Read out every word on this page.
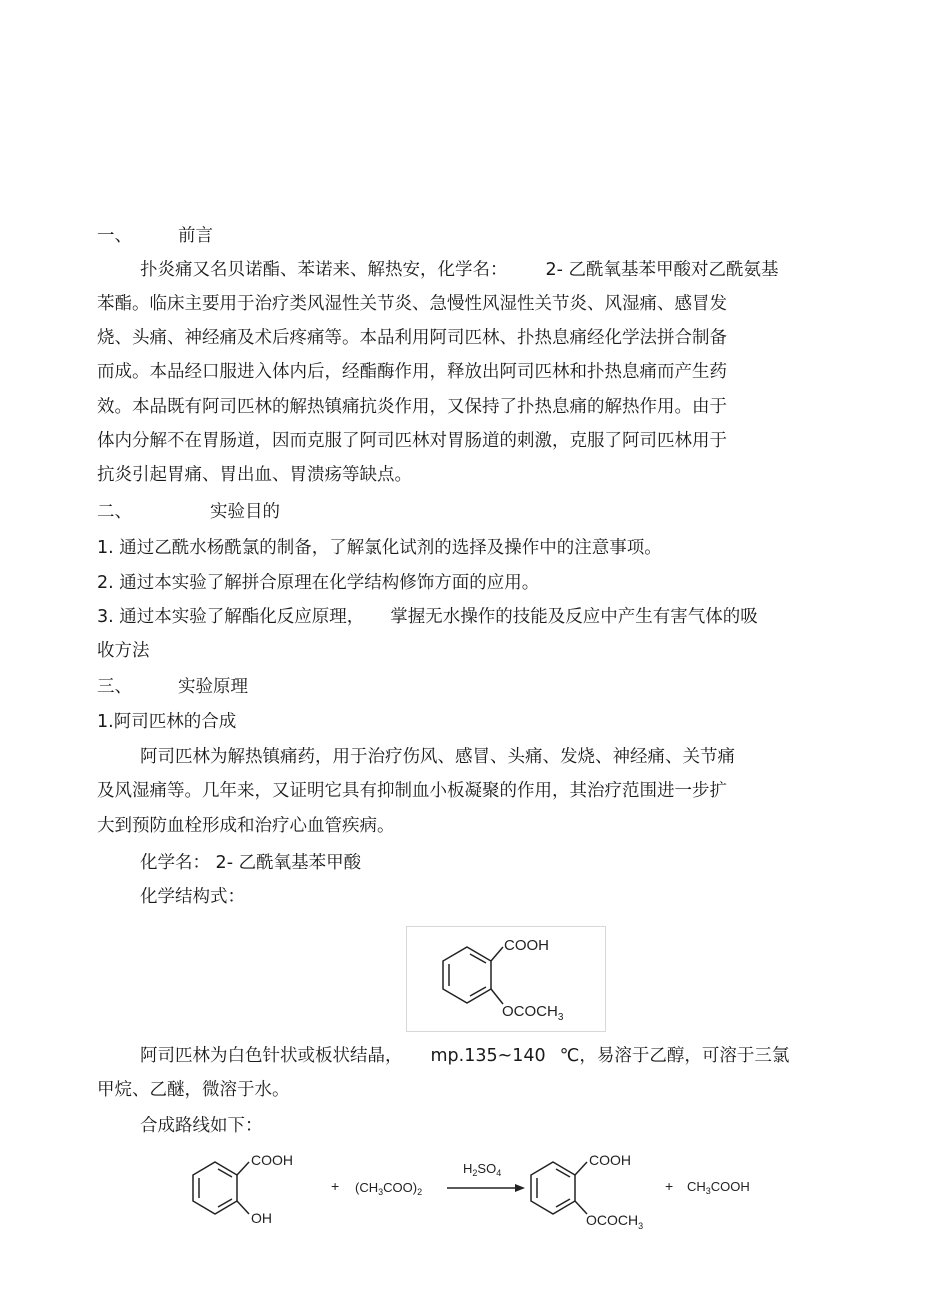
一、	前言
扑炎痛又名贝诺酯、苯诺来、解热安，化学名： 2- 乙酰氧基苯甲酸对乙酰氨基
苯酯。临床主要用于治疗类风湿性关节炎、急慢性风湿性关节炎、风湿痛、感冒发
烧、头痛、神经痛及术后疼痛等。本品利用阿司匹林、扑热息痛经化学法拼合制备
而成。本品经口服进入体内后，经酯酶作用，释放出阿司匹林和扑热息痛而产生药
效。本品既有阿司匹林的解热镇痛抗炎作用，又保持了扑热息痛的解热作用。由于
体内分解不在胃肠道，因而克服了阿司匹林对胃肠道的刺激，克服了阿司匹林用于
抗炎引起胃痛、胃出血、胃溃疡等缺点。
二、	实验目的
1. 通过乙酰水杨酰氯的制备，了解氯化试剂的选择及操作中的注意事项。
2. 通过本实验了解拼合原理在化学结构修饰方面的应用。
3. 通过本实验了解酯化反应原理， 掌握无水操作的技能及反应中产生有害气体的吸
收方法
三、	实验原理
1.阿司匹林的合成
阿司匹林为解热镇痛药，用于治疗伤风、感冒、头痛、发烧、神经痛、关节痛
及风湿痛等。几年来，又证明它具有抑制血小板凝聚的作用，其治疗范围进一步扩
大到预防血栓形成和治疗心血管疾病。
化学名： 2- 乙酰氧基苯甲酸
化学结构式：
COOH
$OCOCH_3$
阿司匹林为白色针状或板状结晶， mp.135~140 ℃，易溶于乙醇，可溶于三氯
甲烷、乙醚，微溶于水。
合成路线如下：
COOH
OH
+ $(CH_3COO)_2$
$H_2SO_4$
COOH
$OCOCH_3$
+ $CH_3COOH$
